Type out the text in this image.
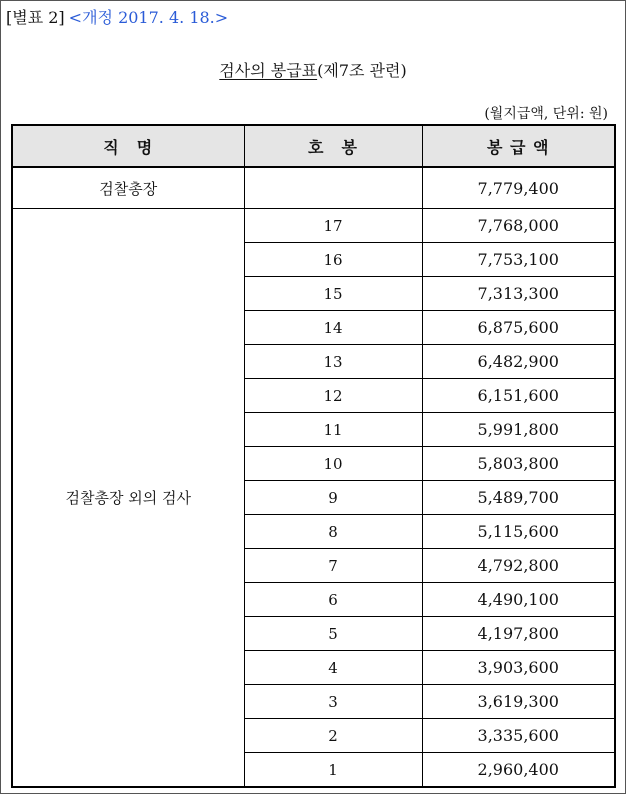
[별표 2] <개정 2017. 4. 18.>
검사의 봉급표(제7조 관련)
(월지급액, 단위: 원)
직　명	호　봉	봉 급 액
검찰총장		7,779,400
검찰총장 외의 검사	17	7,768,000
	16	7,753,100
	15	7,313,300
	14	6,875,600
	13	6,482,900
	12	6,151,600
	11	5,991,800
	10	5,803,800
	9	5,489,700
	8	5,115,600
	7	4,792,800
	6	4,490,100
	5	4,197,800
	4	3,903,600
	3	3,619,300
	2	3,335,600
	1	2,960,400
